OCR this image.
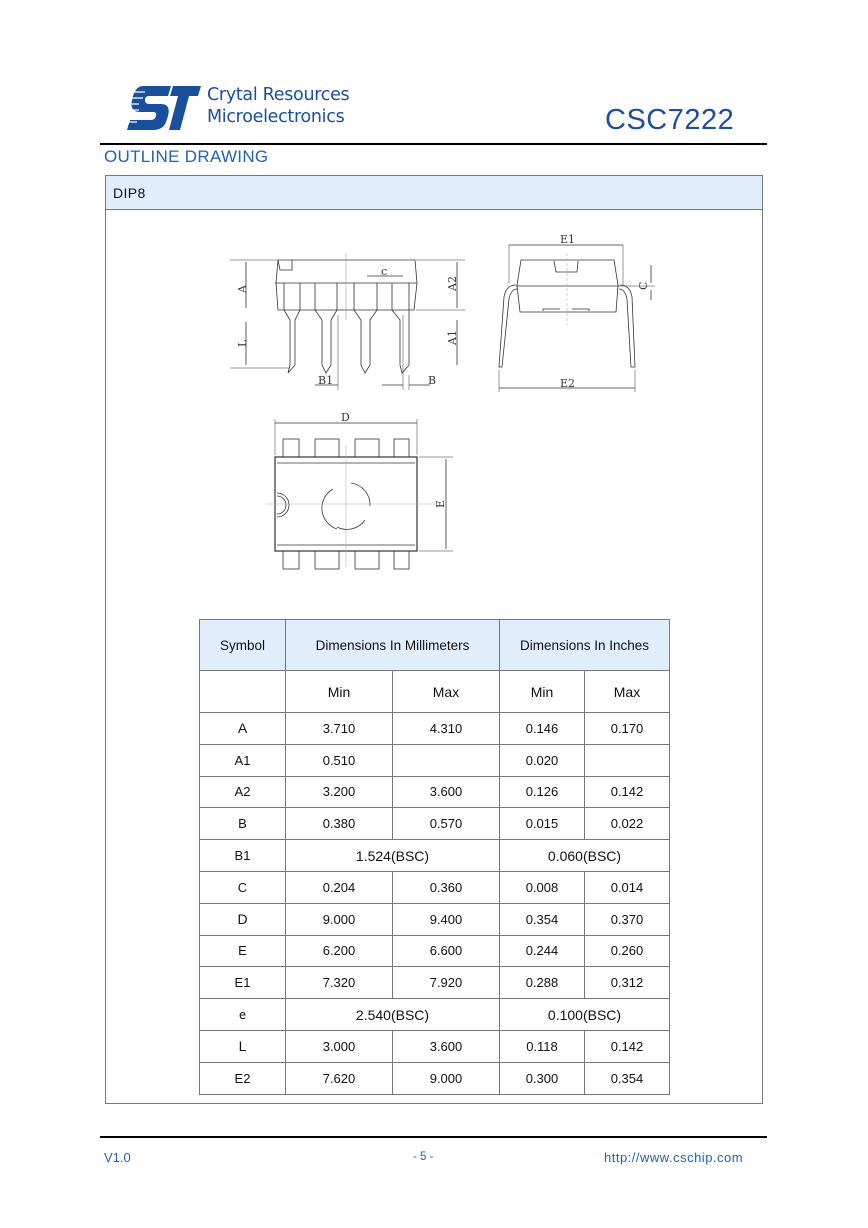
Crytal Resources
Microelectronics	CSC7222
OUTLINE DRAWING
DIP8
A
L
c
A2
A1
B1	B
E1
C
E2
D
E
Symbol	Dimensions In Millimeters		Dimensions In Inches	
	Min	Max	Min	Max
A	3.710	4.310	0.146	0.170
A1	0.510		0.020	
A2	3.200	3.600	0.126	0.142
B	0.380	0.570	0.015	0.022
B1	1.524(BSC)		0.060(BSC)	
C	0.204	0.360	0.008	0.014
D	9.000	9.400	0.354	0.370
E	6.200	6.600	0.244	0.260
E1	7.320	7.920	0.288	0.312
e	2.540(BSC)		0.100(BSC)	
L	3.000	3.600	0.118	0.142
E2	7.620	9.000	0.300	0.354
V1.0	- 5 -	http://www.cschip.com
